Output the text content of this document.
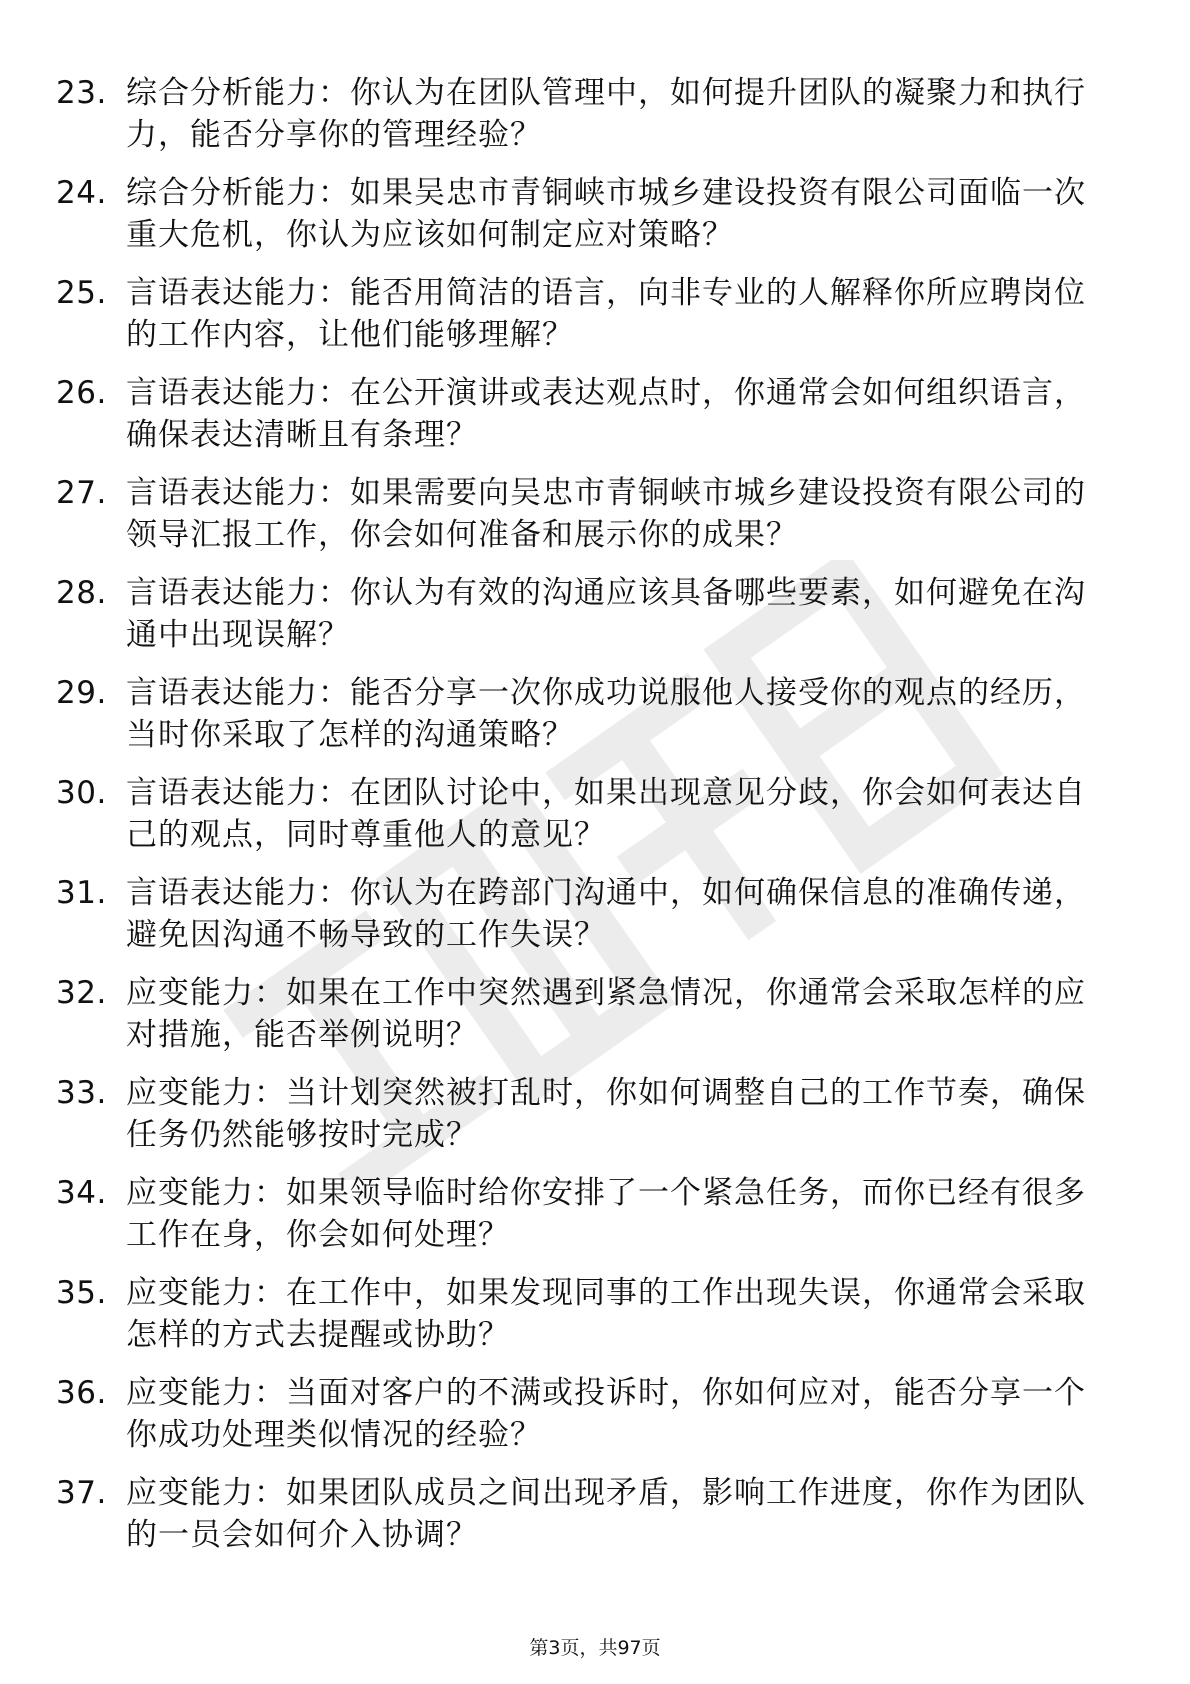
23. 综合分析能力：你认为在团队管理中，如何提升团队的凝聚力和执行力，能否分享你的管理经验？
24. 综合分析能力：如果吴忠市青铜峡市城乡建设投资有限公司面临一次重大危机，你认为应该如何制定应对策略？
25. 言语表达能力：能否用简洁的语言，向非专业的人解释你所应聘岗位的工作内容，让他们能够理解？
26. 言语表达能力：在公开演讲或表达观点时，你通常会如何组织语言，确保表达清晰且有条理？
27. 言语表达能力：如果需要向吴忠市青铜峡市城乡建设投资有限公司的领导汇报工作，你会如何准备和展示你的成果？
28. 言语表达能力：你认为有效的沟通应该具备哪些要素，如何避免在沟通中出现误解？
29. 言语表达能力：能否分享一次你成功说服他人接受你的观点的经历，当时你采取了怎样的沟通策略？
30. 言语表达能力：在团队讨论中，如果出现意见分歧，你会如何表达自己的观点，同时尊重他人的意见？
31. 言语表达能力：你认为在跨部门沟通中，如何确保信息的准确传递，避免因沟通不畅导致的工作失误？
32. 应变能力：如果在工作中突然遇到紧急情况，你通常会采取怎样的应对措施，能否举例说明？
33. 应变能力：当计划突然被打乱时，你如何调整自己的工作节奏，确保任务仍然能够按时完成？
34. 应变能力：如果领导临时给你安排了一个紧急任务，而你已经有很多工作在身，你会如何处理？
35. 应变能力：在工作中，如果发现同事的工作出现失误，你通常会采取怎样的方式去提醒或协助？
36. 应变能力：当面对客户的不满或投诉时，你如何应对，能否分享一个你成功处理类似情况的经验？
37. 应变能力：如果团队成员之间出现矛盾，影响工作进度，你作为团队的一员会如何介入协调？
第3页，共97页
